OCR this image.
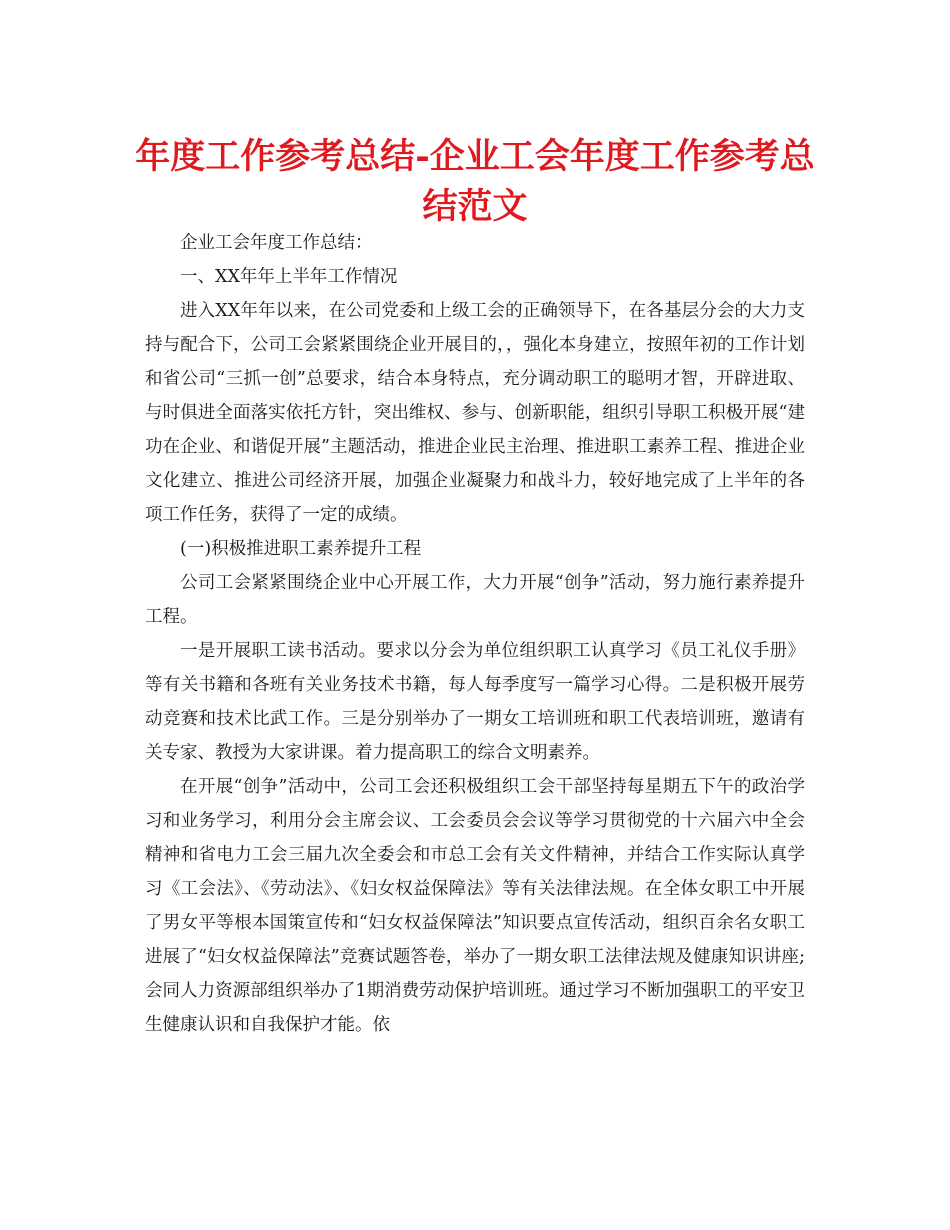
年度工作参考总结-企业工会年度工作参考总结范文

企业工会年度工作总结：

一、XX年年上半年工作情况

进入XX年年以来，在公司党委和上级工会的正确领导下，在各基层分会的大力支持与配合下，公司工会紧紧围绕企业开展目的，，强化本身建立，按照年初的工作计划和省公司“三抓一创”总要求，结合本身特点，充分调动职工的聪明才智，开辟进取、与时俱进全面落实依托方针，突出维权、参与、创新职能，组织引导职工积极开展“建功在企业、和谐促开展”主题活动，推进企业民主治理、推进职工素养工程、推进企业文化建立、推进公司经济开展，加强企业凝聚力和战斗力，较好地完成了上半年的各项工作任务，获得了一定的成绩。

(一)积极推进职工素养提升工程

公司工会紧紧围绕企业中心开展工作，大力开展“创争”活动，努力施行素养提升工程。

一是开展职工读书活动。要求以分会为单位组织职工认真学习《员工礼仪手册》等有关书籍和各班有关业务技术书籍，每人每季度写一篇学习心得。二是积极开展劳动竞赛和技术比武工作。三是分别举办了一期女工培训班和职工代表培训班，邀请有关专家、教授为大家讲课。着力提高职工的综合文明素养。

在开展“创争”活动中，公司工会还积极组织工会干部坚持每星期五下午的政治学习和业务学习，利用分会主席会议、工会委员会会议等学习贯彻党的十六届六中全会精神和省电力工会三届九次全委会和市总工会有关文件精神，并结合工作实际认真学习《工会法》、《劳动法》、《妇女权益保障法》等有关法律法规。在全体女职工中开展了男女平等根本国策宣传和“妇女权益保障法”知识要点宣传活动，组织百余名女职工进展了“妇女权益保障法”竞赛试题答卷，举办了一期女职工法律法规及健康知识讲座;会同人力资源部组织举办了1期消费劳动保护培训班。通过学习不断加强职工的平安卫生健康认识和自我保护才能。依
